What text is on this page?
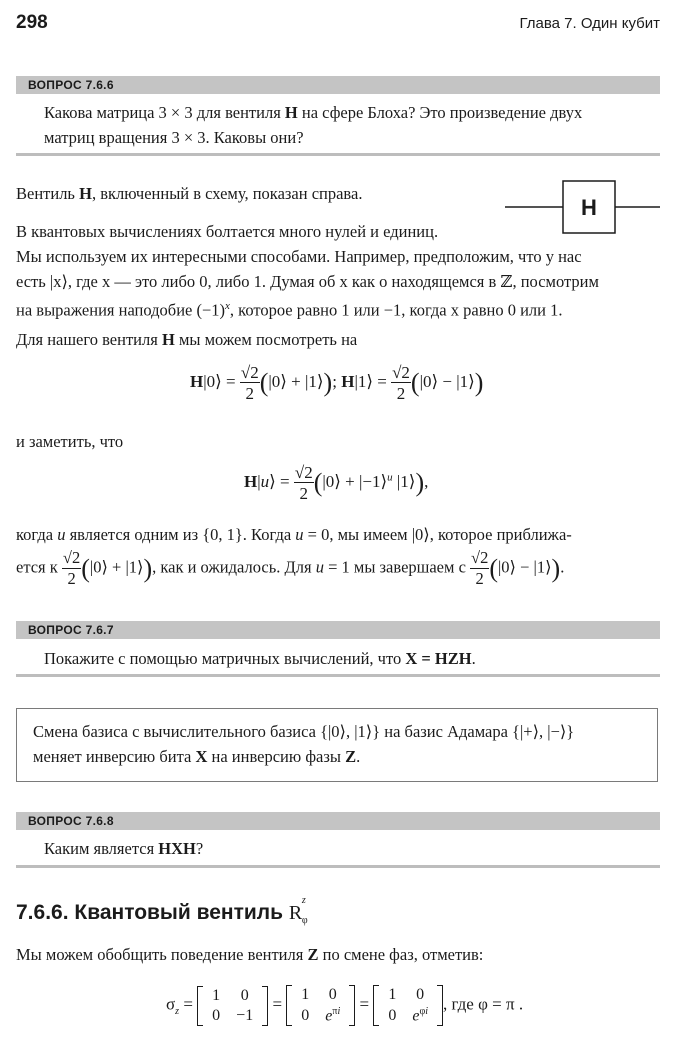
298	Глава 7. Один кубит
ВОПРОС 7.6.6
Какова матрица 3 × 3 для вентиля H на сфере Блоха? Это произведение двух
матриц вращения 3 × 3. Каковы они?
H
Вентиль H, включенный в схему, показан справа.
В квантовых вычислениях болтается много нулей и единиц.
Мы используем их интересными способами. Например, предположим, что у нас
есть |x⟩, где x — это либо 0, либо 1. Думая об x как о находящемся в ℤ, посмотрим
на выражения наподобие $(-1)^x$, которое равно 1 или −1, когда x равно 0 или 1.
Для нашего вентиля H мы можем посмотреть на
H|0⟩ = $\frac{√2}{2}$ (|0⟩ + |1⟩); H|1⟩ = $\frac{√2}{2}$ (|0⟩ − |1⟩)
и заметить, что
H|u⟩ = $\frac{√2}{2}$ (|0⟩ + |−1⟩$^u$ |1⟩),
когда u является одним из {0, 1}. Когда u = 0, мы имеем |0⟩, которое приближа-
ется к $\frac{√2}{2}$ (|0⟩ + |1⟩), как и ожидалось. Для u = 1 мы завершаем с $\frac{√2}{2}$ (|0⟩ − |1⟩).
ВОПРОС 7.6.7
Покажите с помощью матричных вычислений, что X = HZH.
Смена базиса с вычислительного базиса {|0⟩, |1⟩} на базис Адамара {|+⟩, |−⟩}
меняет инверсию бита X на инверсию фазы Z.
ВОПРОС 7.6.8
Каким является HXH?
7.6.6. Квантовый вентиль R
z
φ
Мы можем обобщить поведение вентиля Z по смене фаз, отметив:
$\sigma_z = 1$	0
0	−1
=
1	0
0	$e^{\pi i}$ =
1	0
0	$e^{\varphi i}$ , где φ = π .
